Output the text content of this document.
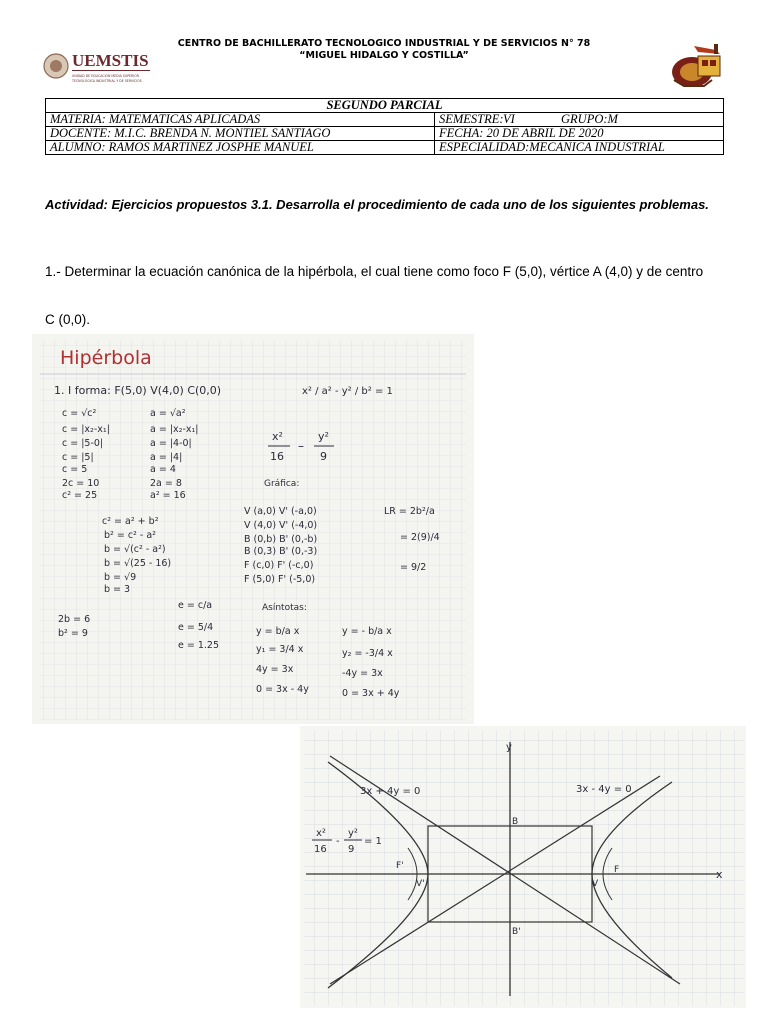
CENTRO DE BACHILLERATO TECNOLOGICO INDUSTRIAL Y DE SERVICIOS N° 78
“MIGUEL HIDALGO Y COSTILLA”
UEMSTIS
UNIDAD DE EDUCACIÓN MEDIA SUPERIOR
TECNOLÓGICA INDUSTRIAL Y DE SERVICIOS
SEGUNDO PARCIAL	
MATERIA: MATEMATICAS APLICADAS	SEMESTRE:VI GRUPO:M
DOCENTE: M.I.C. BRENDA N. MONTIEL SANTIAGO	FECHA: 20 DE ABRIL DE 2020
ALUMNO: RAMOS MARTINEZ JOSPHE MANUEL	ESPECIALIDAD:MECANICA INDUSTRIAL
Actividad: Ejercicios propuestos 3.1. Desarrolla el procedimiento de cada uno de los siguientes problemas.
1.- Determinar la ecuación canónica de la hipérbola, el cual tiene como foco F (5,0), vértice A (4,0) y de centro
C (0,0).
Hipérbola
1. I forma: F(5,0) V(4,0) C(0,0)	x² / a² - y² / b² = 1
c = √c²
c = |x₂-x₁|
c = |5-0|
c = |5|
c = 5
2c = 10
c² = 25
a = √a²
a = |x₂-x₁|
a = |4-0|
a = |4|
a = 4
2a = 8
a² = 16
x²
16
–
y²
9
c² = a² + b²
b² = c² - a²
b = √(c² - a²)
b = √(25 - 16)
b = √9
b = 3
2b = 6
b² = 9
Gráfica:
V (a,0) V' (-a,0)
V (4,0) V' (-4,0)
B (0,b) B' (0,-b)
B (0,3) B' (0,-3)
F (c,0) F' (-c,0)
F (5,0) F' (-5,0)
LR = 2b²/a
= 2(9)/4
= 9/2
e = c/a
e = 5/4
e = 1.25
Asíntotas:
y = b/a x
y₁ = 3/4 x
4y = 3x
0 = 3x - 4y
y = - b/a x
y₂ = -3/4 x
-4y = 3x
0 = 3x + 4y
x
y
3x + 4y = 0	3x - 4y = 0
B
B'
F
F'
V
V'
x²
16
-
y²
9
= 1
